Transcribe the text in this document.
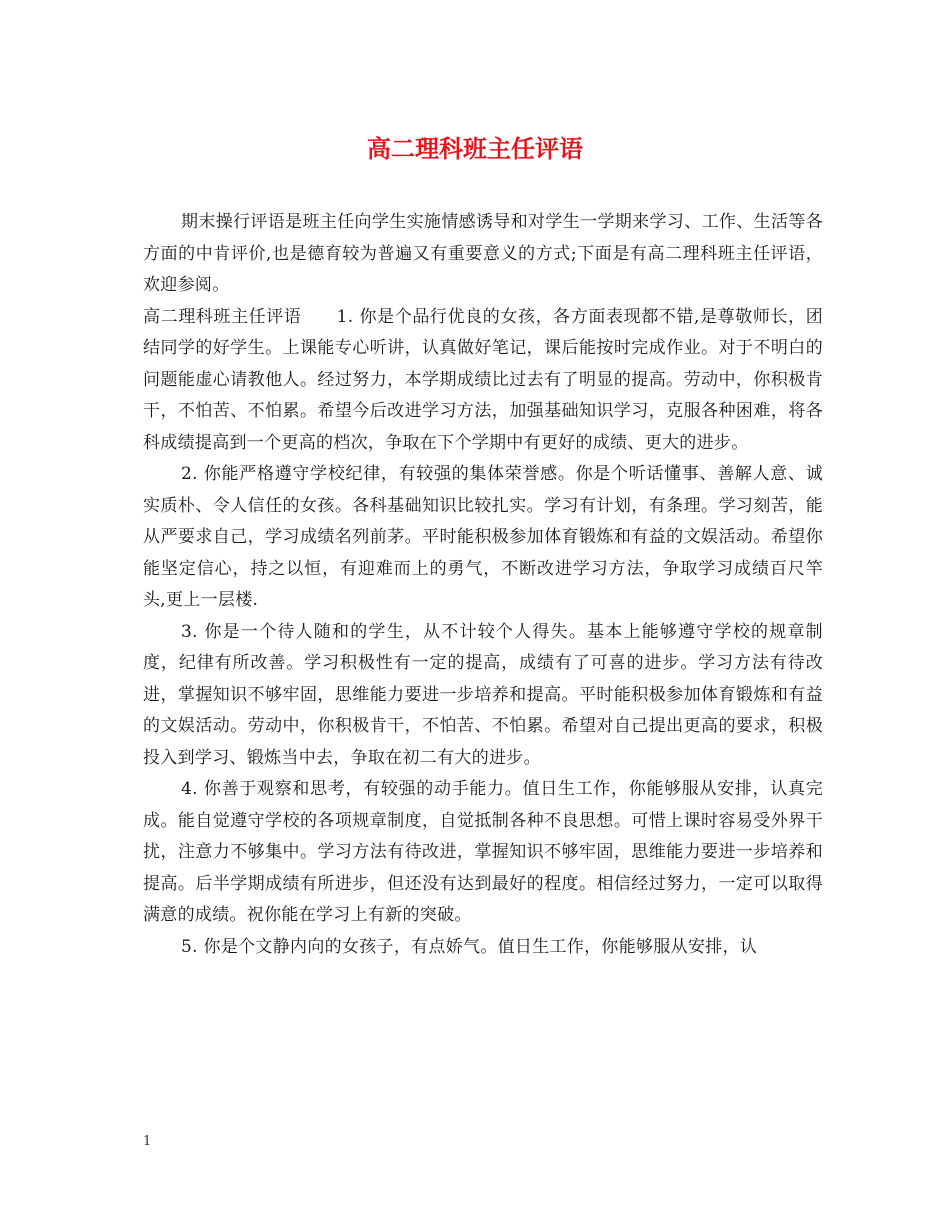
高二理科班主任评语

期末操行评语是班主任向学生实施情感诱导和对学生一学期来学习、工作、生活等各方面的中肯评价,也是德育较为普遍又有重要意义的方式;下面是有高二理科班主任评语，欢迎参阅。

高二理科班主任评语　　1. 你是个品行优良的女孩，各方面表现都不错,是尊敬师长，团结同学的好学生。上课能专心听讲，认真做好笔记，课后能按时完成作业。对于不明白的问题能虚心请教他人。经过努力，本学期成绩比过去有了明显的提高。劳动中，你积极肯干，不怕苦、不怕累。希望今后改进学习方法，加强基础知识学习，克服各种困难，将各科成绩提高到一个更高的档次，争取在下个学期中有更好的成绩、更大的进步。

2. 你能严格遵守学校纪律，有较强的集体荣誉感。你是个听话懂事、善解人意、诚实质朴、令人信任的女孩。各科基础知识比较扎实。学习有计划，有条理。学习刻苦，能从严要求自己，学习成绩名列前茅。平时能积极参加体育锻炼和有益的文娱活动。希望你能坚定信心，持之以恒，有迎难而上的勇气，不断改进学习方法，争取学习成绩百尺竿头,更上一层楼.

3. 你是一个待人随和的学生，从不计较个人得失。基本上能够遵守学校的规章制度，纪律有所改善。学习积极性有一定的提高，成绩有了可喜的进步。学习方法有待改进，掌握知识不够牢固，思维能力要进一步培养和提高。平时能积极参加体育锻炼和有益的文娱活动。劳动中，你积极肯干，不怕苦、不怕累。希望对自己提出更高的要求，积极投入到学习、锻炼当中去，争取在初二有大的进步。

4. 你善于观察和思考，有较强的动手能力。值日生工作，你能够服从安排，认真完成。能自觉遵守学校的各项规章制度，自觉抵制各种不良思想。可惜上课时容易受外界干扰，注意力不够集中。学习方法有待改进，掌握知识不够牢固，思维能力要进一步培养和提高。后半学期成绩有所进步，但还没有达到最好的程度。相信经过努力，一定可以取得满意的成绩。祝你能在学习上有新的突破。

5. 你是个文静内向的女孩子，有点娇气。值日生工作，你能够服从安排，认

1
